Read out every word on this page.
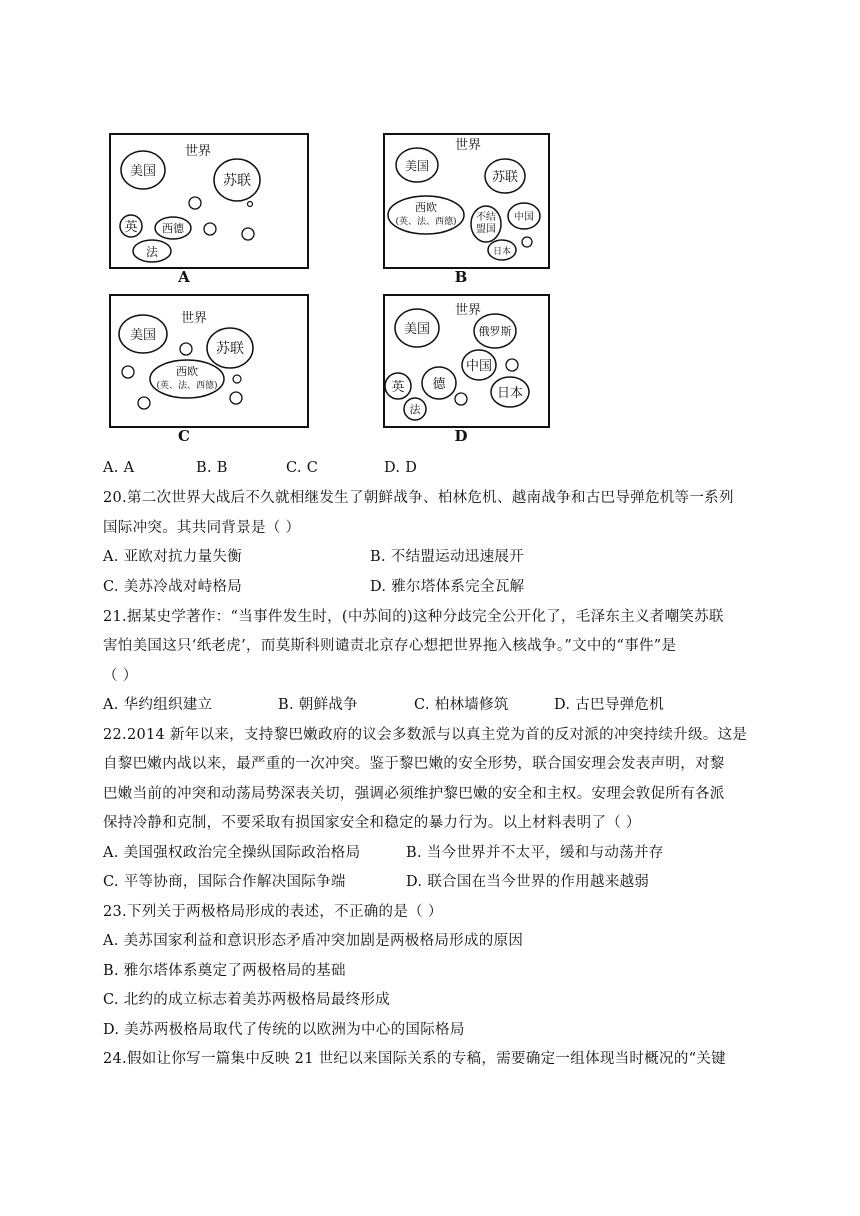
世界
美国
苏联
英 西德
法
A
世界
美国
苏联
西欧
(英、法、西德) 不结
盟国
中国
日本
B
世界
美国
苏联
西欧
(英、法、西德)
C
世界
美国	俄罗斯
中国
日本
德
英
法
D
A. A	B. B	C. C	D. D
20.第二次世界大战后不久就相继发生了朝鲜战争、柏林危机、越南战争和古巴导弹危机等一系列
国际冲突。其共同背景是（ ）
A. 亚欧对抗力量失衡	B. 不结盟运动迅速展开
C. 美苏冷战对峙格局	D. 雅尔塔体系完全瓦解
21.据某史学著作：“当事件发生时，(中苏间的)这种分歧完全公开化了，毛泽东主义者嘲笑苏联
害怕美国这只‘纸老虎’，而莫斯科则谴责北京存心想把世界拖入核战争。”文中的“事件”是
（ ）
A. 华约组织建立	B. 朝鲜战争	C. 柏林墙修筑	D. 古巴导弹危机
22.2014 新年以来，支持黎巴嫩政府的议会多数派与以真主党为首的反对派的冲突持续升级。这是
自黎巴嫩内战以来，最严重的一次冲突。鉴于黎巴嫩的安全形势，联合国安理会发表声明，对黎
巴嫩当前的冲突和动荡局势深表关切，强调必须维护黎巴嫩的安全和主权。安理会敦促所有各派
保持冷静和克制，不要采取有损国家安全和稳定的暴力行为。以上材料表明了（ ）
A. 美国强权政治完全操纵国际政治格局	B. 当今世界并不太平，缓和与动荡并存
C. 平等协商，国际合作解决国际争端	D. 联合国在当今世界的作用越来越弱
23.下列关于两极格局形成的表述，不正确的是（ ）
A. 美苏国家利益和意识形态矛盾冲突加剧是两极格局形成的原因
B. 雅尔塔体系奠定了两极格局的基础
C. 北约的成立标志着美苏两极格局最终形成
D. 美苏两极格局取代了传统的以欧洲为中心的国际格局
24.假如让你写一篇集中反映 21 世纪以来国际关系的专稿，需要确定一组体现当时概况的“关键
